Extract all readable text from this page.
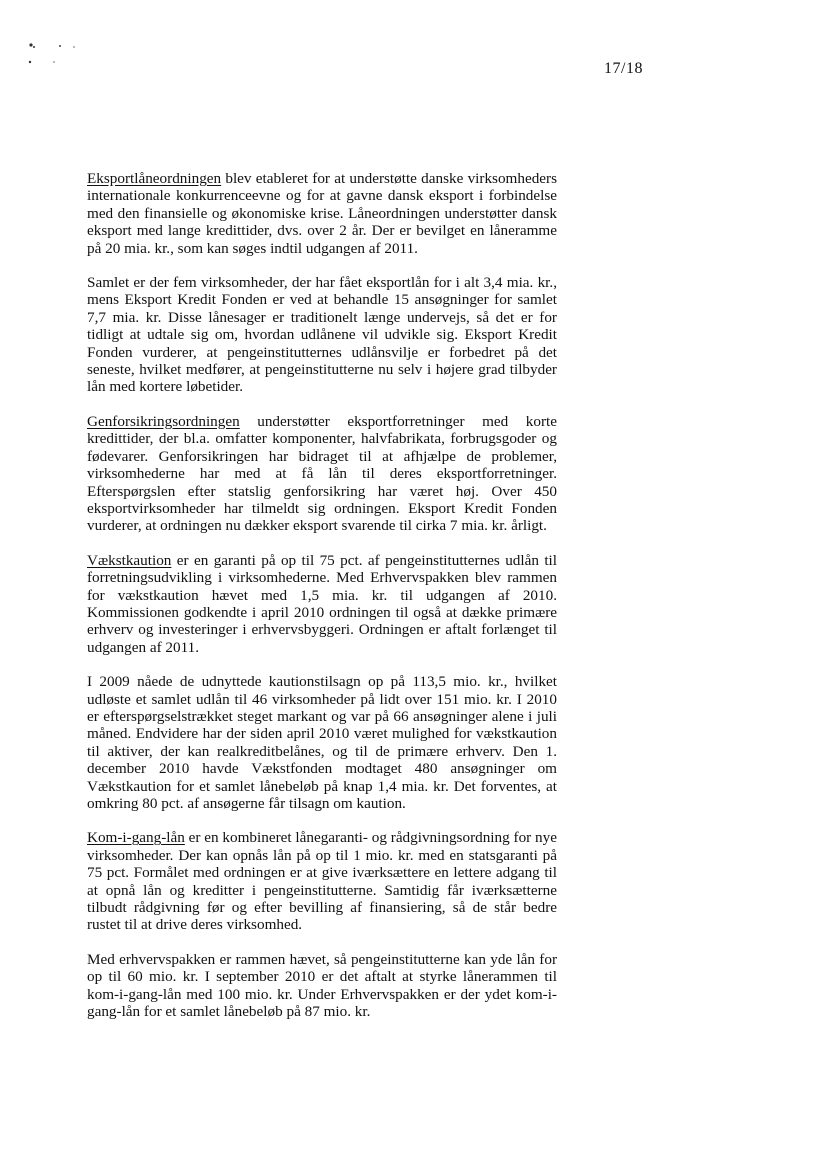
17/18

Eksportlåneordningen blev etableret for at understøtte danske virksomheders internationale konkurrenceevne og for at gavne dansk eksport i forbindelse med den finansielle og økonomiske krise. Låneordningen understøtter dansk eksport med lange kredittider, dvs. over 2 år. Der er bevilget en låneramme på 20 mia. kr., som kan søges indtil udgangen af 2011.

Samlet er der fem virksomheder, der har fået eksportlån for i alt 3,4 mia. kr., mens Eksport Kredit Fonden er ved at behandle 15 ansøgninger for samlet 7,7 mia. kr. Disse lånesager er traditionelt længe undervejs, så det er for tidligt at udtale sig om, hvordan udlånene vil udvikle sig. Eksport Kredit Fonden vurderer, at pengeinstitutternes udlånsvilje er forbedret på det seneste, hvilket medfører, at pengeinstitutterne nu selv i højere grad tilbyder lån med kortere løbetider.

Genforsikringsordningen understøtter eksportforretninger med korte kredittider, der bl.a. omfatter komponenter, halvfabrikata, forbrugsgoder og fødevarer. Genforsikringen har bidraget til at afhjælpe de problemer, virksomhederne har med at få lån til deres eksportforretninger. Efterspørgslen efter statslig genforsikring har været høj. Over 450 eksportvirksomheder har tilmeldt sig ordningen. Eksport Kredit Fonden vurderer, at ordningen nu dækker eksport svarende til cirka 7 mia. kr. årligt.

Vækstkaution er en garanti på op til 75 pct. af pengeinstitutternes udlån til forretningsudvikling i virksomhederne. Med Erhvervspakken blev rammen for vækstkaution hævet med 1,5 mia. kr. til udgangen af 2010. Kommissionen godkendte i april 2010 ordningen til også at dække primære erhverv og investeringer i erhvervsbyggeri. Ordningen er aftalt forlænget til udgangen af 2011.

I 2009 nåede de udnyttede kautionstilsagn op på 113,5 mio. kr., hvilket udløste et samlet udlån til 46 virksomheder på lidt over 151 mio. kr. I 2010 er efterspørgselstrækket steget markant og var på 66 ansøgninger alene i juli måned. Endvidere har der siden april 2010 været mulighed for vækstkaution til aktiver, der kan realkreditbelånes, og til de primære erhverv. Den 1. december 2010 havde Vækstfonden modtaget 480 ansøgninger om Vækstkaution for et samlet lånebeløb på knap 1,4 mia. kr. Det forventes, at omkring 80 pct. af ansøgerne får tilsagn om kaution.

Kom-i-gang-lån er en kombineret lånegaranti- og rådgivningsordning for nye virksomheder. Der kan opnås lån på op til 1 mio. kr. med en statsgaranti på 75 pct. Formålet med ordningen er at give iværksættere en lettere adgang til at opnå lån og kreditter i pengeinstitutterne. Samtidig får iværksætterne tilbudt rådgivning før og efter bevilling af finansiering, så de står bedre rustet til at drive deres virksomhed.

Med erhvervspakken er rammen hævet, så pengeinstitutterne kan yde lån for op til 60 mio. kr. I september 2010 er det aftalt at styrke lånerammen til kom-i-gang-lån med 100 mio. kr. Under Erhvervspakken er der ydet kom-i-gang-lån for et samlet lånebeløb på 87 mio. kr.
